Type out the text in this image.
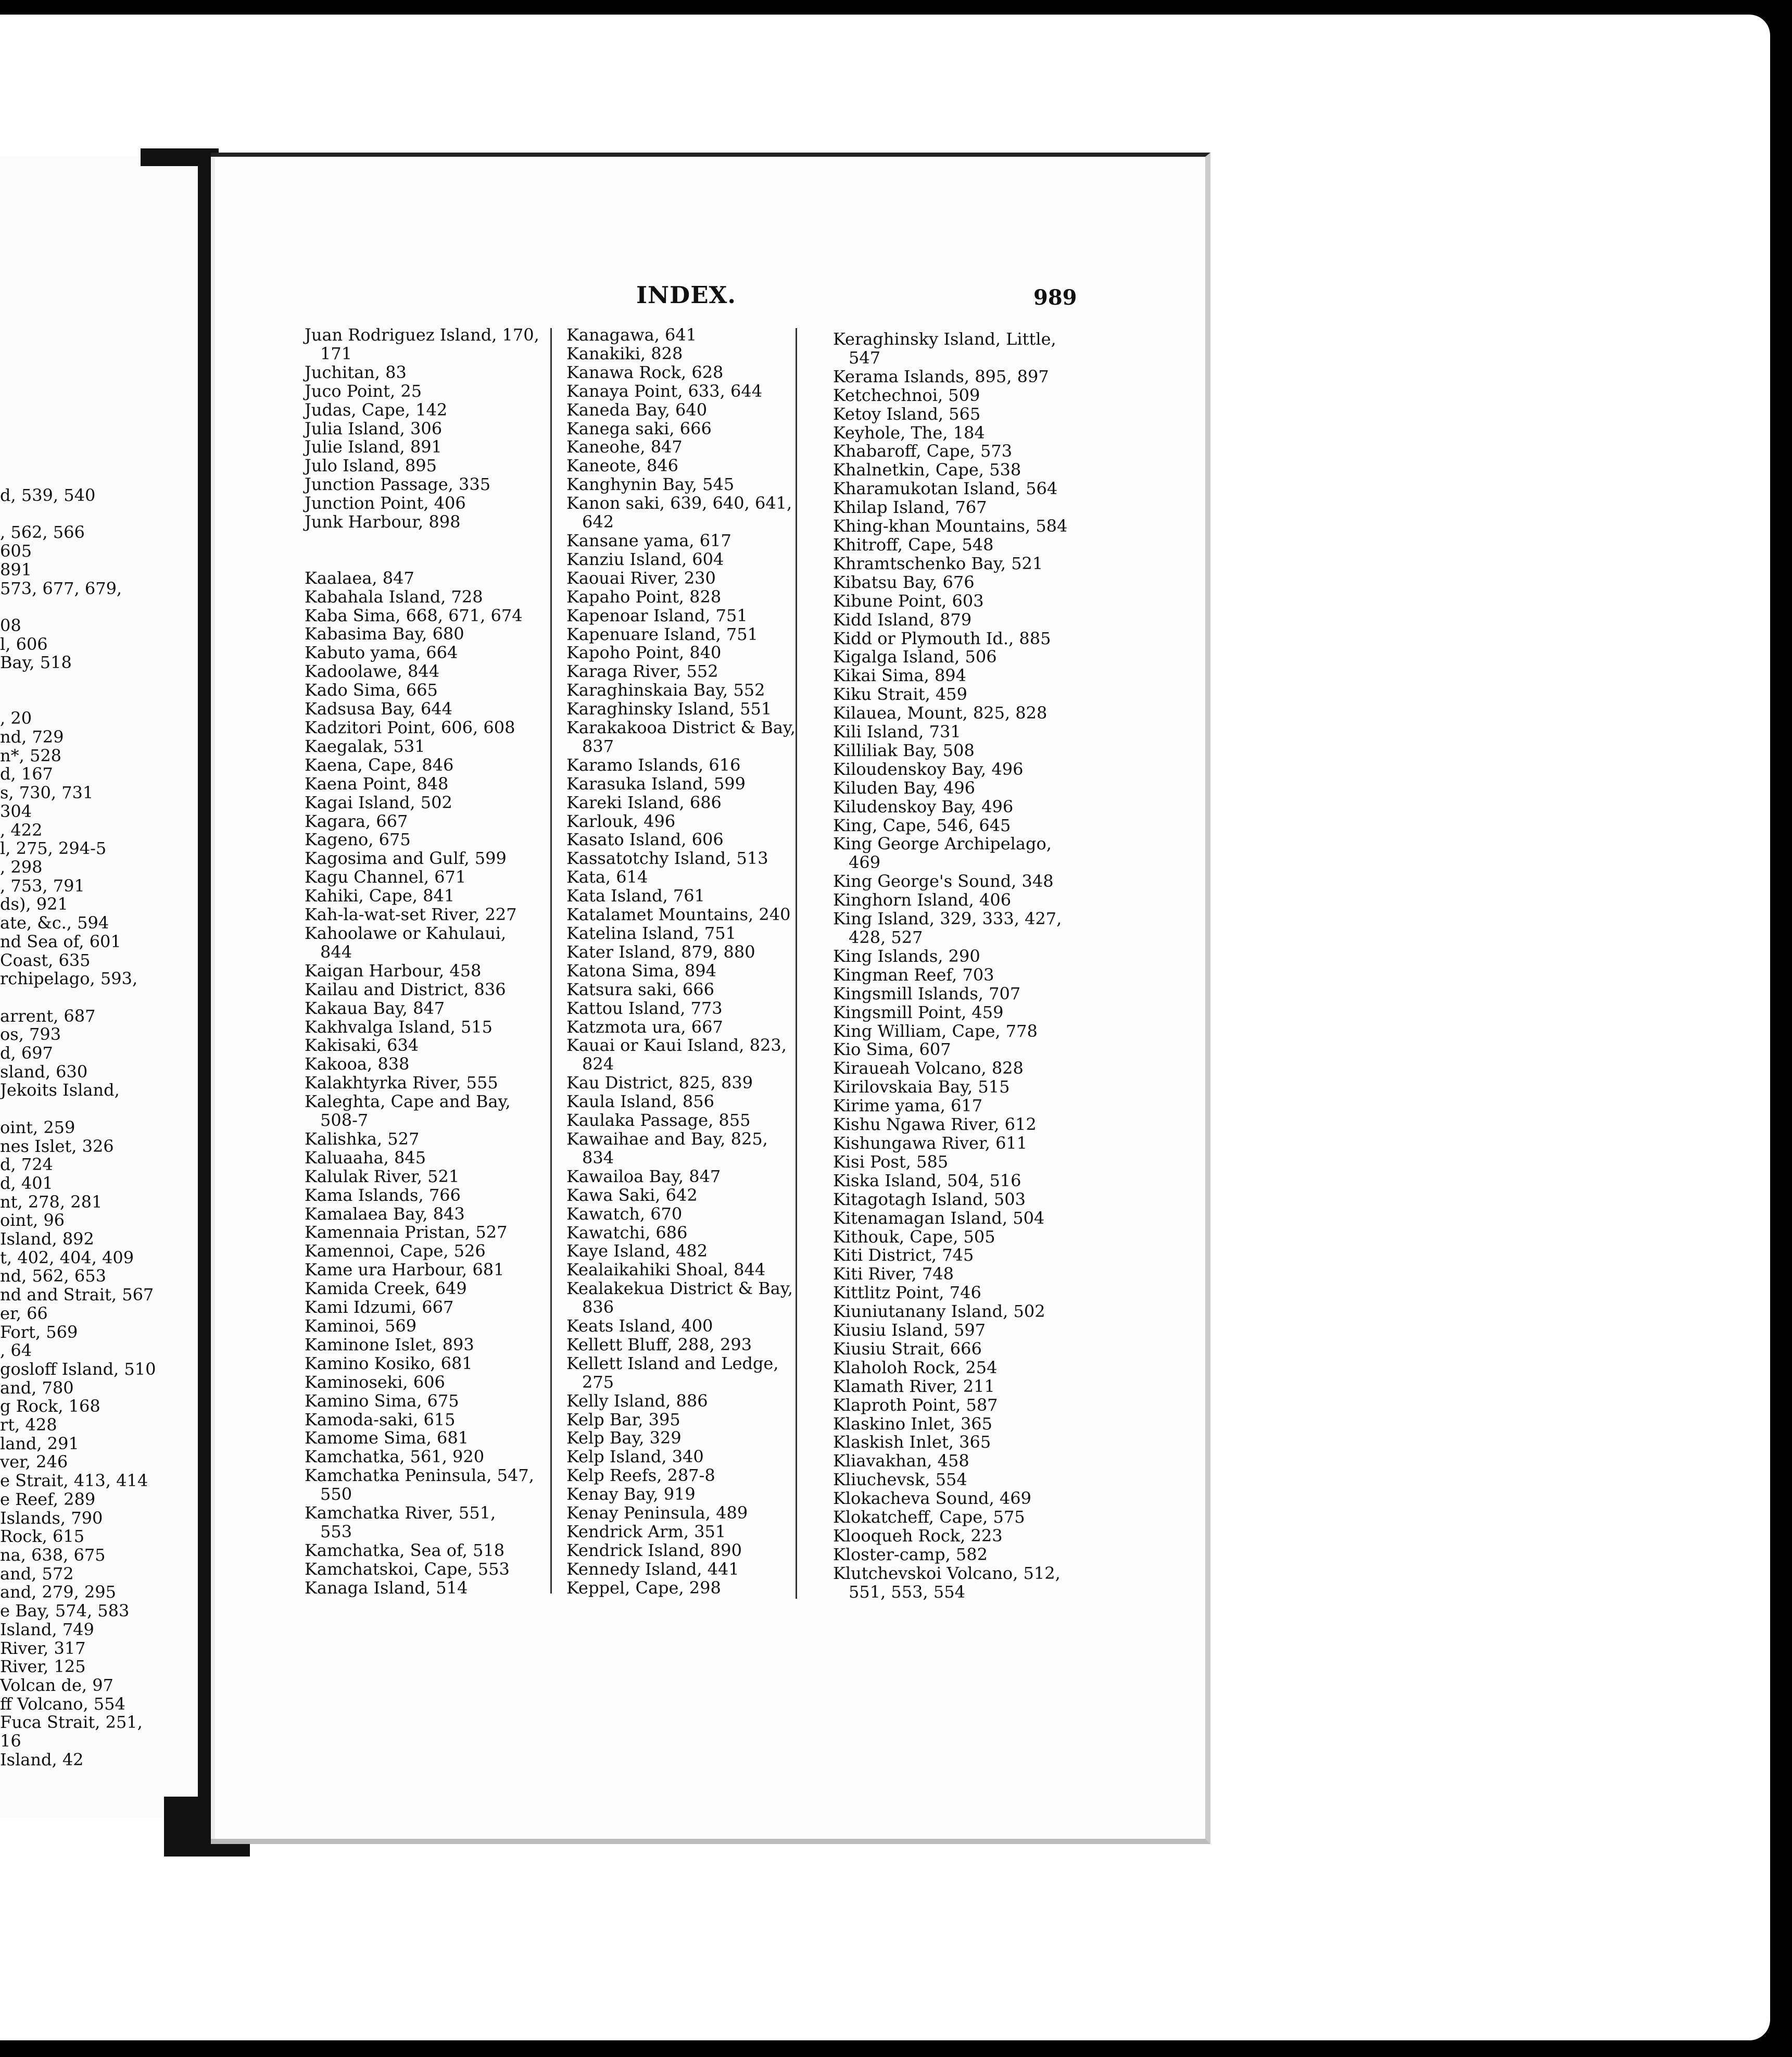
d, 539, 540
, 562, 566
605
891
573, 677, 679,
08
l, 606
Bay, 518
, 20
nd, 729
n*, 528
d, 167
s, 730, 731
304
, 422
l, 275, 294-5
, 298
, 753, 791
ds), 921
ate, &c., 594
nd Sea of, 601
Coast, 635
rchipelago, 593,
arrent, 687
os, 793
d, 697
sland, 630
Jekoits Island,
oint, 259
nes Islet, 326
d, 724
d, 401
nt, 278, 281
oint, 96
Island, 892
t, 402, 404, 409
nd, 562, 653
nd and Strait, 567
er, 66
Fort, 569
, 64
gosloff Island, 510
and, 780
g Rock, 168
rt, 428
land, 291
ver, 246
e Strait, 413, 414
e Reef, 289
Islands, 790
Rock, 615
na, 638, 675
and, 572
and, 279, 295
e Bay, 574, 583
Island, 749
River, 317
River, 125
Volcan de, 97
ff Volcano, 554
Fuca Strait, 251,
16
Island, 42
INDEX.	989
Juan Rodriguez Island, 170,
171
Juchitan, 83
Juco Point, 25
Judas, Cape, 142
Julia Island, 306
Julie Island, 891
Julo Island, 895
Junction Passage, 335
Junction Point, 406
Junk Harbour, 898
Kaalaea, 847
Kabahala Island, 728
Kaba Sima, 668, 671, 674
Kabasima Bay, 680
Kabuto yama, 664
Kadoolawe, 844
Kado Sima, 665
Kadsusa Bay, 644
Kadzitori Point, 606, 608
Kaegalak, 531
Kaena, Cape, 846
Kaena Point, 848
Kagai Island, 502
Kagara, 667
Kageno, 675
Kagosima and Gulf, 599
Kagu Channel, 671
Kahiki, Cape, 841
Kah-la-wat-set River, 227
Kahoolawe or Kahulaui,
844
Kaigan Harbour, 458
Kailau and District, 836
Kakaua Bay, 847
Kakhvalga Island, 515
Kakisaki, 634
Kakooa, 838
Kalakhtyrka River, 555
Kaleghta, Cape and Bay,
508-7
Kalishka, 527
Kaluaaha, 845
Kalulak River, 521
Kama Islands, 766
Kamalaea Bay, 843
Kamennaia Pristan, 527
Kamennoi, Cape, 526
Kame ura Harbour, 681
Kamida Creek, 649
Kami Idzumi, 667
Kaminoi, 569
Kaminone Islet, 893
Kamino Kosiko, 681
Kaminoseki, 606
Kamino Sima, 675
Kamoda-saki, 615
Kamome Sima, 681
Kamchatka, 561, 920
Kamchatka Peninsula, 547,
550
Kamchatka River, 551,
553
Kamchatka, Sea of, 518
Kamchatskoi, Cape, 553
Kanaga Island, 514
Kanagawa, 641
Kanakiki, 828
Kanawa Rock, 628
Kanaya Point, 633, 644
Kaneda Bay, 640
Kanega saki, 666
Kaneohe, 847
Kaneote, 846
Kanghynin Bay, 545
Kanon saki, 639, 640, 641,
642
Kansane yama, 617
Kanziu Island, 604
Kaouai River, 230
Kapaho Point, 828
Kapenoar Island, 751
Kapenuare Island, 751
Kapoho Point, 840
Karaga River, 552
Karaghinskaia Bay, 552
Karaghinsky Island, 551
Karakakooa District & Bay,
837
Karamo Islands, 616
Karasuka Island, 599
Kareki Island, 686
Karlouk, 496
Kasato Island, 606
Kassatotchy Island, 513
Kata, 614
Kata Island, 761
Katalamet Mountains, 240
Katelina Island, 751
Kater Island, 879, 880
Katona Sima, 894
Katsura saki, 666
Kattou Island, 773
Katzmota ura, 667
Kauai or Kaui Island, 823,
824
Kau District, 825, 839
Kaula Island, 856
Kaulaka Passage, 855
Kawaihae and Bay, 825,
834
Kawailoa Bay, 847
Kawa Saki, 642
Kawatch, 670
Kawatchi, 686
Kaye Island, 482
Kealaikahiki Shoal, 844
Kealakekua District & Bay,
836
Keats Island, 400
Kellett Bluff, 288, 293
Kellett Island and Ledge,
275
Kelly Island, 886
Kelp Bar, 395
Kelp Bay, 329
Kelp Island, 340
Kelp Reefs, 287-8
Kenay Bay, 919
Kenay Peninsula, 489
Kendrick Arm, 351
Kendrick Island, 890
Kennedy Island, 441
Keppel, Cape, 298
Keraghinsky Island, Little,
547
Kerama Islands, 895, 897
Ketchechnoi, 509
Ketoy Island, 565
Keyhole, The, 184
Khabaroff, Cape, 573
Khalnetkin, Cape, 538
Kharamukotan Island, 564
Khilap Island, 767
Khing-khan Mountains, 584
Khitroff, Cape, 548
Khramtschenko Bay, 521
Kibatsu Bay, 676
Kibune Point, 603
Kidd Island, 879
Kidd or Plymouth Id., 885
Kigalga Island, 506
Kikai Sima, 894
Kiku Strait, 459
Kilauea, Mount, 825, 828
Kili Island, 731
Killiliak Bay, 508
Kiloudenskoy Bay, 496
Kiluden Bay, 496
Kiludenskoy Bay, 496
King, Cape, 546, 645
King George Archipelago,
469
King George's Sound, 348
Kinghorn Island, 406
King Island, 329, 333, 427,
428, 527
King Islands, 290
Kingman Reef, 703
Kingsmill Islands, 707
Kingsmill Point, 459
King William, Cape, 778
Kio Sima, 607
Kiraueah Volcano, 828
Kirilovskaia Bay, 515
Kirime yama, 617
Kishu Ngawa River, 612
Kishungawa River, 611
Kisi Post, 585
Kiska Island, 504, 516
Kitagotagh Island, 503
Kitenamagan Island, 504
Kithouk, Cape, 505
Kiti District, 745
Kiti River, 748
Kittlitz Point, 746
Kiuniutanany Island, 502
Kiusiu Island, 597
Kiusiu Strait, 666
Klaholoh Rock, 254
Klamath River, 211
Klaproth Point, 587
Klaskino Inlet, 365
Klaskish Inlet, 365
Kliavakhan, 458
Kliuchevsk, 554
Klokacheva Sound, 469
Klokatcheff, Cape, 575
Klooqueh Rock, 223
Kloster-camp, 582
Klutchevskoi Volcano, 512,
551, 553, 554
